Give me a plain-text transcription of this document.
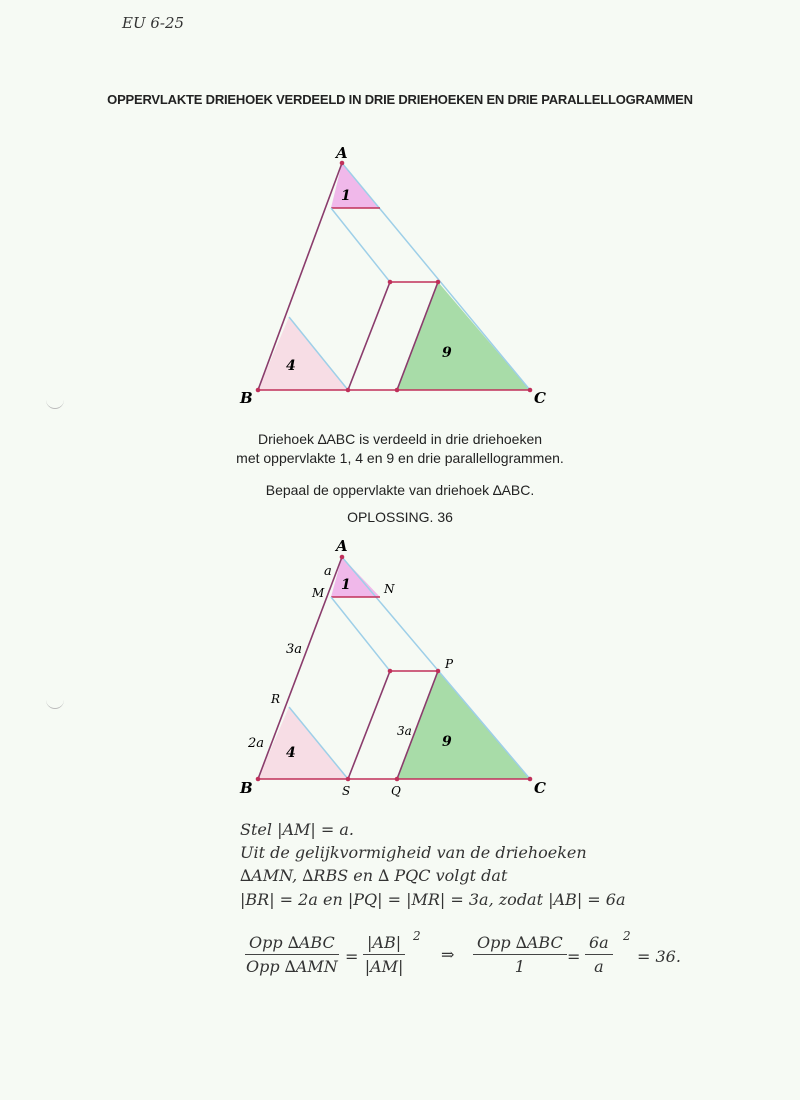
EU 6-25
OPPERVLAKTE DRIEHOEK VERDEELD IN DRIE DRIEHOEKEN EN DRIE PARALLELLOGRAMMEN
A
B	C
1
4
9
Driehoek ∆ABC is verdeeld in drie driehoeken
met oppervlakte 1, 4 en 9 en drie parallellogrammen.
Bepaal de oppervlakte van driehoek ∆ABC.
OPLOSSING. 36
A
B	C
1
4
9
M	N
R
S	Q
P
a
3a
2a
3a
Stel |AM| = a.
Uit de gelijkvormigheid van de driehoeken
∆AMN, ∆RBS en ∆ PQC volgt dat
|BR| = 2a en |PQ| = |MR| = 3a, zodat |AB| = 6a
Opp ∆ABC
Opp ∆AMN
= $\frac{|AB|}{|AM|} 2$
⇒
Opp ∆ABC
1
= $\frac{6a}{a} 2$
= 36.
